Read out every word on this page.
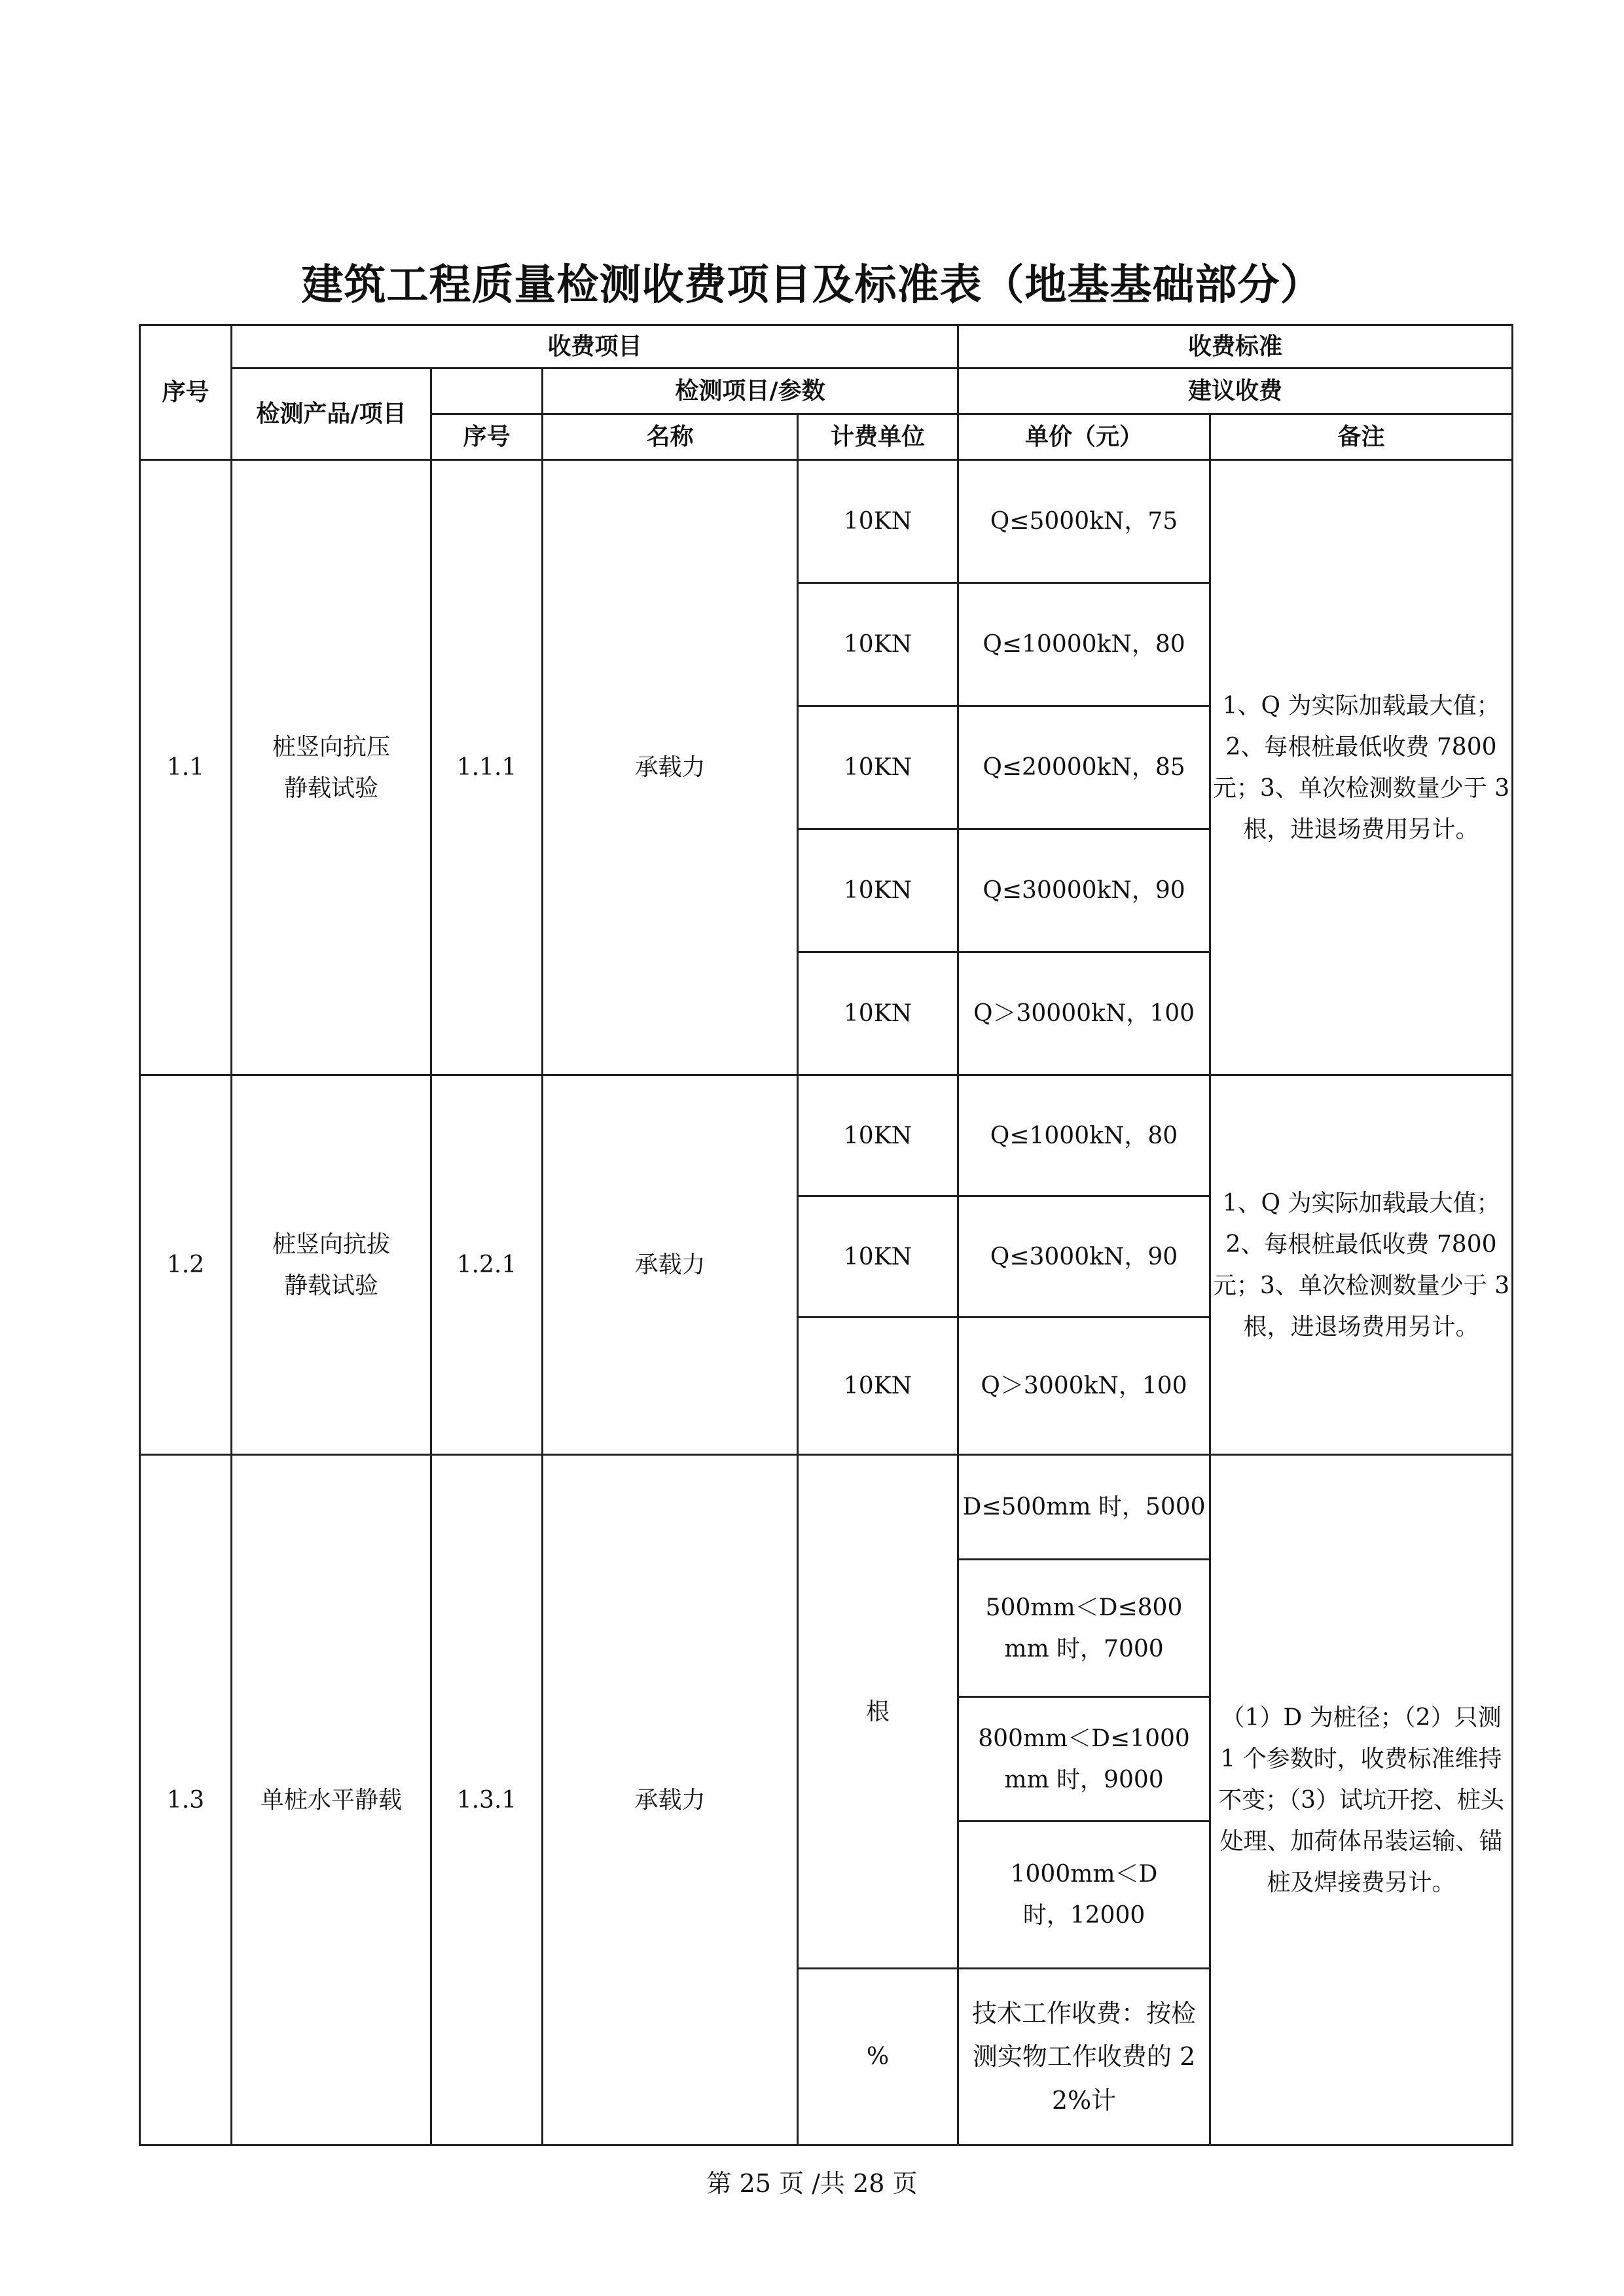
建筑工程质量检测收费项目及标准表（地基基础部分）
序号	收费项目				收费标准	
	检测产品/项目		检测项目/参数		建议收费	
		序号	名称	计费单位	单价（元）	备注
1.1	桩竖向抗压静载试验	1.1.1	承载力	10KN	Q≤5000kN，75	1、Q 为实际加载最大值；2、每根桩最低收费 7800 元；3、单次检测数量少于 3 根，进退场费用另计。
				10KN	Q≤10000kN，80	
				10KN	Q≤20000kN，85	
				10KN	Q≤30000kN，90	
				10KN	Q＞30000kN，100	
1.2	桩竖向抗拔静载试验	1.2.1	承载力	10KN	Q≤1000kN，80	1、Q 为实际加载最大值；2、每根桩最低收费 7800 元；3、单次检测数量少于 3 根，进退场费用另计。
				10KN	Q≤3000kN，90	
				10KN	Q＞3000kN，100	
1.3	单桩水平静载	1.3.1	承载力	根	D≤500mm 时，5000	（1）D 为桩径；（2）只测 1 个参数时，收费标准维持不变；（3）试坑开挖、桩头处理、加荷体吊装运输、锚桩及焊接费另计。
					500mm＜D≤800mm 时，7000	
					800mm＜D≤1000mm 时，9000	
					1000mm＜D 时，12000	
				%	技术工作收费：按检测实物工作收费的 22%计	
第 25 页 /共 28 页
